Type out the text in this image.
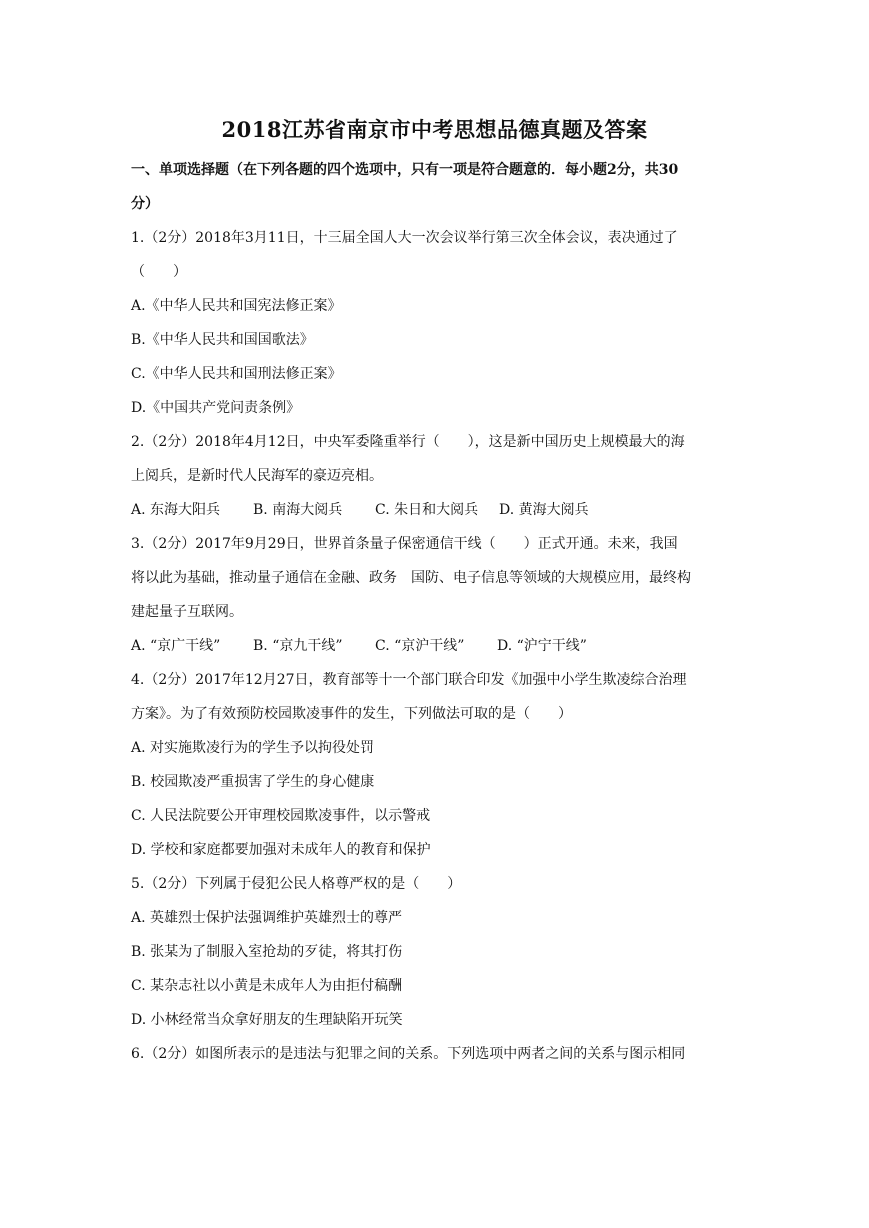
2018江苏省南京市中考思想品德真题及答案
一、单项选择题（在下列各题的四个选项中，只有一项是符合题意的．每小题2分，共30
分）
1.（2分）2018年3月11日，十三届全国人大一次会议举行第三次全体会议，表决通过了
（　　）
A.《中华人民共和国宪法修正案》
B.《中华人民共和国国歌法》
C.《中华人民共和国刑法修正案》
D.《中国共产党问责条例》
2.（2分）2018年4月12日，中央军委隆重举行（　　），这是新中国历史上规模最大的海
上阅兵，是新时代人民海军的豪迈亮相。
A. 东海大阳兵 B. 南海大阅兵 C. 朱日和大阅兵 D. 黄海大阅兵
3.（2分）2017年9月29日，世界首条量子保密通信干线（　　）正式开通。未来，我国
将以此为基础，推动量子通信在金融、政务　国防、电子信息等领域的大规模应用，最终构
建起量子互联网。
A. “京广干线” B. “京九干线” C. “京沪干线” D. “沪宁干线”
4.（2分）2017年12月27日，教育部等十一个部门联合印发《加强中小学生欺凌综合治理
方案》。为了有效预防校园欺凌事件的发生，下列做法可取的是（　　）
A. 对实施欺凌行为的学生予以拘役处罚
B. 校园欺凌严重损害了学生的身心健康
C. 人民法院要公开审理校园欺凌事件，以示警戒
D. 学校和家庭都要加强对未成年人的教育和保护
5.（2分）下列属于侵犯公民人格尊严权的是（　　）
A. 英雄烈士保护法强调维护英雄烈士的尊严
B. 张某为了制服入室抢劫的歹徒，将其打伤
C. 某杂志社以小黄是未成年人为由拒付稿酬
D. 小林经常当众拿好朋友的生理缺陷开玩笑
6.（2分）如图所表示的是违法与犯罪之间的关系。下列选项中两者之间的关系与图示相同
